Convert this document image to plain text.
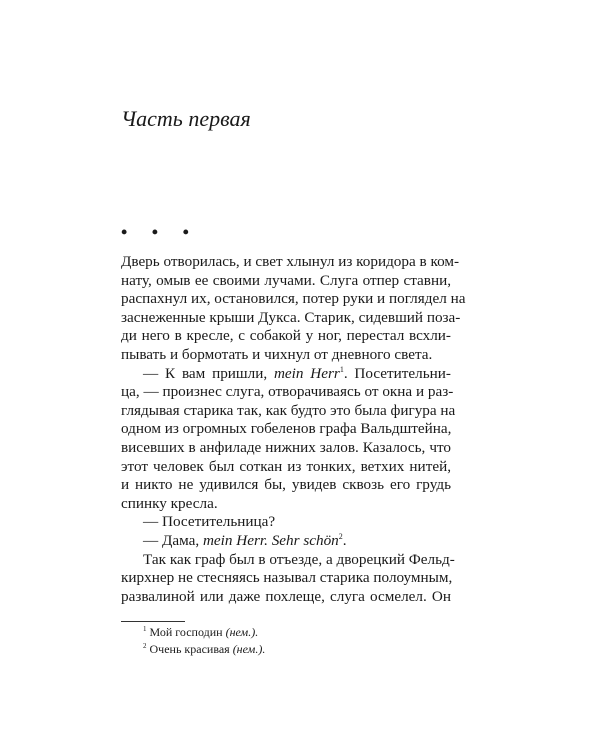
Часть первая
• • •
Дверь отворилась, и свет хлынул из коридора в ком-
нату, омыв ее своими лучами. Слуга отпер ставни,
распахнул их, остановился, потер руки и поглядел на
заснеженные крыши Дукса. Старик, сидевший поза-
ди него в кресле, с собакой у ног, перестал всхли-
пывать и бормотать и чихнул от дневного света.
— К вам пришли, mein Herr$^1$. Посетительни-
ца, — произнес слуга, отворачиваясь от окна и раз-
глядывая старика так, как будто это была фигура на
одном из огромных гобеленов графа Вальдштейна,
висевших в анфиладе нижних залов. Казалось, что
этот человек был соткан из тонких, ветхих нитей,
и никто не удивился бы, увидев сквозь его грудь
спинку кресла.
— Посетительница?
— Дама, mein Herr. Sehr schön$^2$.
Так как граф был в отъезде, а дворецкий Фельд-
кирхнер не стесняясь называл старика полоумным,
развалиной или даже похлеще, слуга осмелел. Он
$^1$ Мой господин (нем.).
$^2$ Очень красивая (нем.).
